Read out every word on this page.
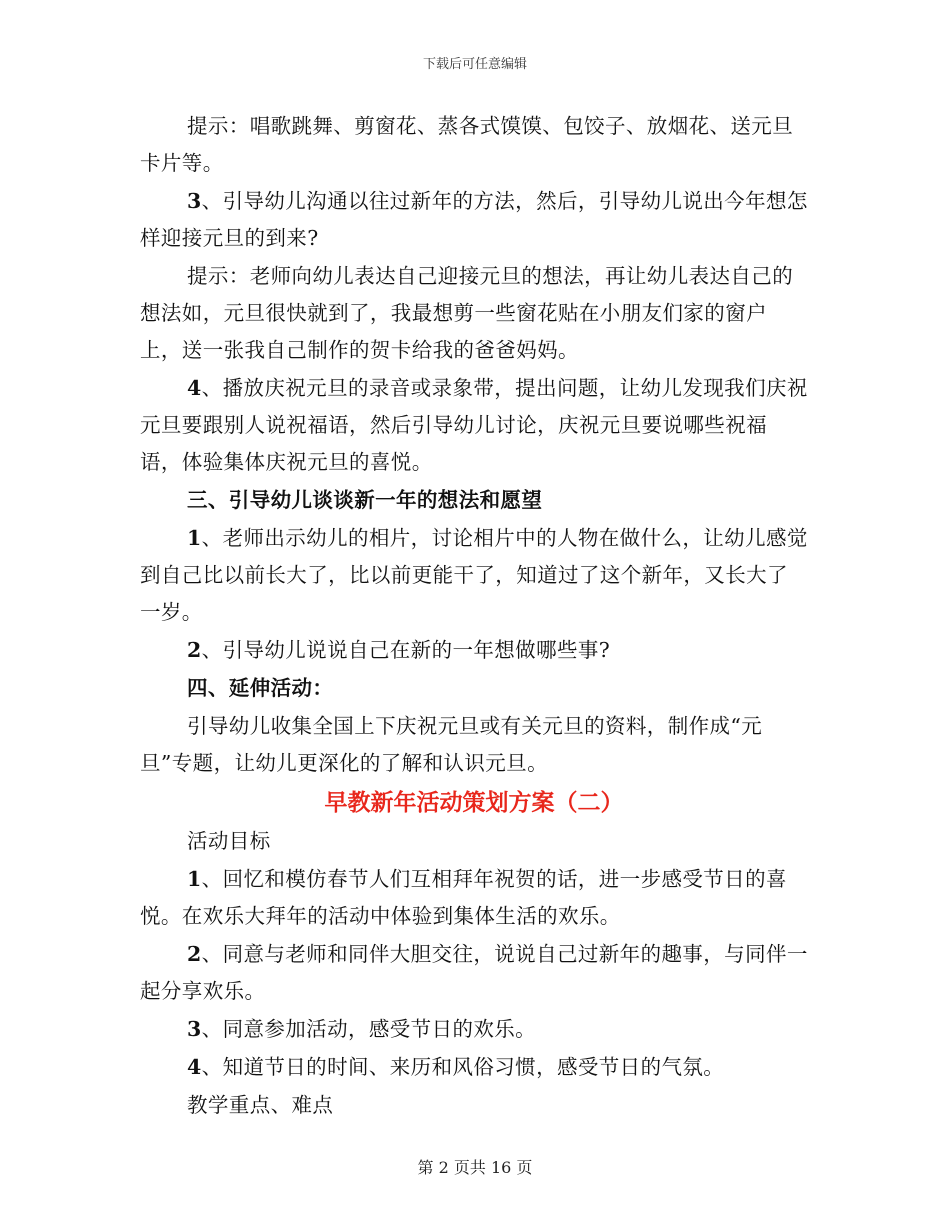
下载后可任意编辑

提示：唱歌跳舞、剪窗花、蒸各式馍馍、包饺子、放烟花、送元旦卡片等。

3、引导幼儿沟通以往过新年的方法，然后，引导幼儿说出今年想怎样迎接元旦的到来?

提示：老师向幼儿表达自己迎接元旦的想法，再让幼儿表达自己的想法如，元旦很快就到了，我最想剪一些窗花贴在小朋友们家的窗户上，送一张我自己制作的贺卡给我的爸爸妈妈。

4、播放庆祝元旦的录音或录象带，提出问题，让幼儿发现我们庆祝元旦要跟别人说祝福语，然后引导幼儿讨论，庆祝元旦要说哪些祝福语，体验集体庆祝元旦的喜悦。

三、引导幼儿谈谈新一年的想法和愿望

1、老师出示幼儿的相片，讨论相片中的人物在做什么，让幼儿感觉到自己比以前长大了，比以前更能干了，知道过了这个新年，又长大了一岁。

2、引导幼儿说说自己在新的一年想做哪些事?

四、延伸活动：

引导幼儿收集全国上下庆祝元旦或有关元旦的资料，制作成“元旦”专题，让幼儿更深化的了解和认识元旦。

早教新年活动策划方案（二）

活动目标

1、回忆和模仿春节人们互相拜年祝贺的话，进一步感受节日的喜悦。在欢乐大拜年的活动中体验到集体生活的欢乐。

2、同意与老师和同伴大胆交往，说说自己过新年的趣事，与同伴一起分享欢乐。

3、同意参加活动，感受节日的欢乐。

4、知道节日的时间、来历和风俗习惯，感受节日的气氛。

教学重点、难点

第 2 页共 16 页
